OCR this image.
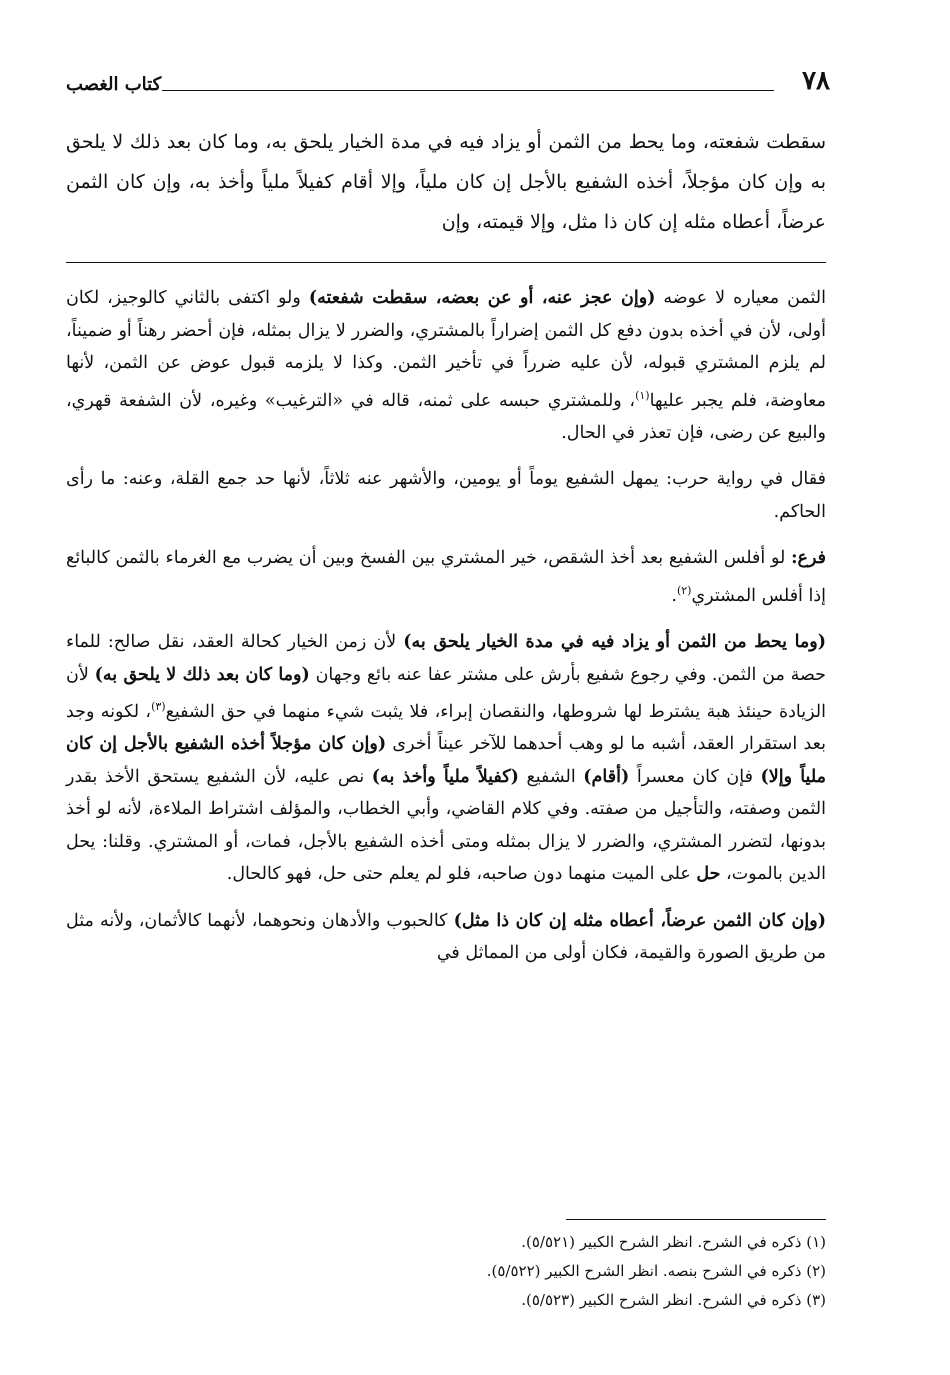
٧٨
كتاب الغصب
سقطت شفعته، وما يحط من الثمن أو يزاد فيه في مدة الخيار يلحق به، وما كان بعد ذلك لا يلحق به وإن كان مؤجلاً، أخذه الشفيع بالأجل إن كان ملياً، وإلا أقام كفيلاً ملياً وأخذ به، وإن كان الثمن عرضاً، أعطاه مثله إن كان ذا مثل، وإلا قيمته، وإن

الثمن معياره لا عوضه (وإن عجز عنه، أو عن بعضه، سقطت شفعته) ولو اكتفى بالثاني كالوجيز، لكان أولى، لأن في أخذه بدون دفع كل الثمن إضراراً بالمشتري، والضرر لا يزال بمثله، فإن أحضر رهناً أو ضميناً، لم يلزم المشتري قبوله، لأن عليه ضرراً في تأخير الثمن. وكذا لا يلزمه قبول عوض عن الثمن، لأنها معاوضة، فلم يجبر عليها$^{(١)}$، وللمشتري حبسه على ثمنه، قاله في «الترغيب» وغيره، لأن الشفعة قهري، والبيع عن رضى، فإن تعذر في الحال.

فقال في رواية حرب: يمهل الشفيع يوماً أو يومين، والأشهر عنه ثلاثاً، لأنها حد جمع القلة، وعنه: ما رأى الحاكم.

فرع: لو أفلس الشفيع بعد أخذ الشقص، خير المشتري بين الفسخ وبين أن يضرب مع الغرماء بالثمن كالبائع إذا أفلس المشتري$^{(٢)}$.

(وما يحط من الثمن أو يزاد فيه في مدة الخيار يلحق به) لأن زمن الخيار كحالة العقد، نقل صالح: للماء حصة من الثمن. وفي رجوع شفيع بأرش على مشتر عفا عنه بائع وجهان (وما كان بعد ذلك لا يلحق به) لأن الزيادة حينئذ هبة يشترط لها شروطها، والنقصان إبراء، فلا يثبت شيء منهما في حق الشفيع$^{(٣)}$، لكونه وجد بعد استقرار العقد، أشبه ما لو وهب أحدهما للآخر عيناً أخرى (وإن كان مؤجلاً أخذه الشفيع بالأجل إن كان ملياً وإلا) فإن كان معسراً (أقام) الشفيع (كفيلاً ملياً وأخذ به) نص عليه، لأن الشفيع يستحق الأخذ بقدر الثمن وصفته، والتأجيل من صفته. وفي كلام القاضي، وأبي الخطاب، والمؤلف اشتراط الملاءة، لأنه لو أخذ بدونها، لتضرر المشتري، والضرر لا يزال بمثله ومتى أخذه الشفيع بالأجل، فمات، أو المشتري. وقلنا: يحل الدين بالموت، حل على الميت منهما دون صاحبه، فلو لم يعلم حتى حل، فهو كالحال.

(وإن كان الثمن عرضاً، أعطاه مثله إن كان ذا مثل) كالحبوب والأدهان ونحوهما، لأنهما كالأثمان، ولأنه مثل من طريق الصورة والقيمة، فكان أولى من المماثل في

(١) ذكره في الشرح. انظر الشرح الكبير (٥/٥٢١).
(٢) ذكره في الشرح بنصه. انظر الشرح الكبير (٥/٥٢٢).
(٣) ذكره في الشرح. انظر الشرح الكبير (٥/٥٢٣).
